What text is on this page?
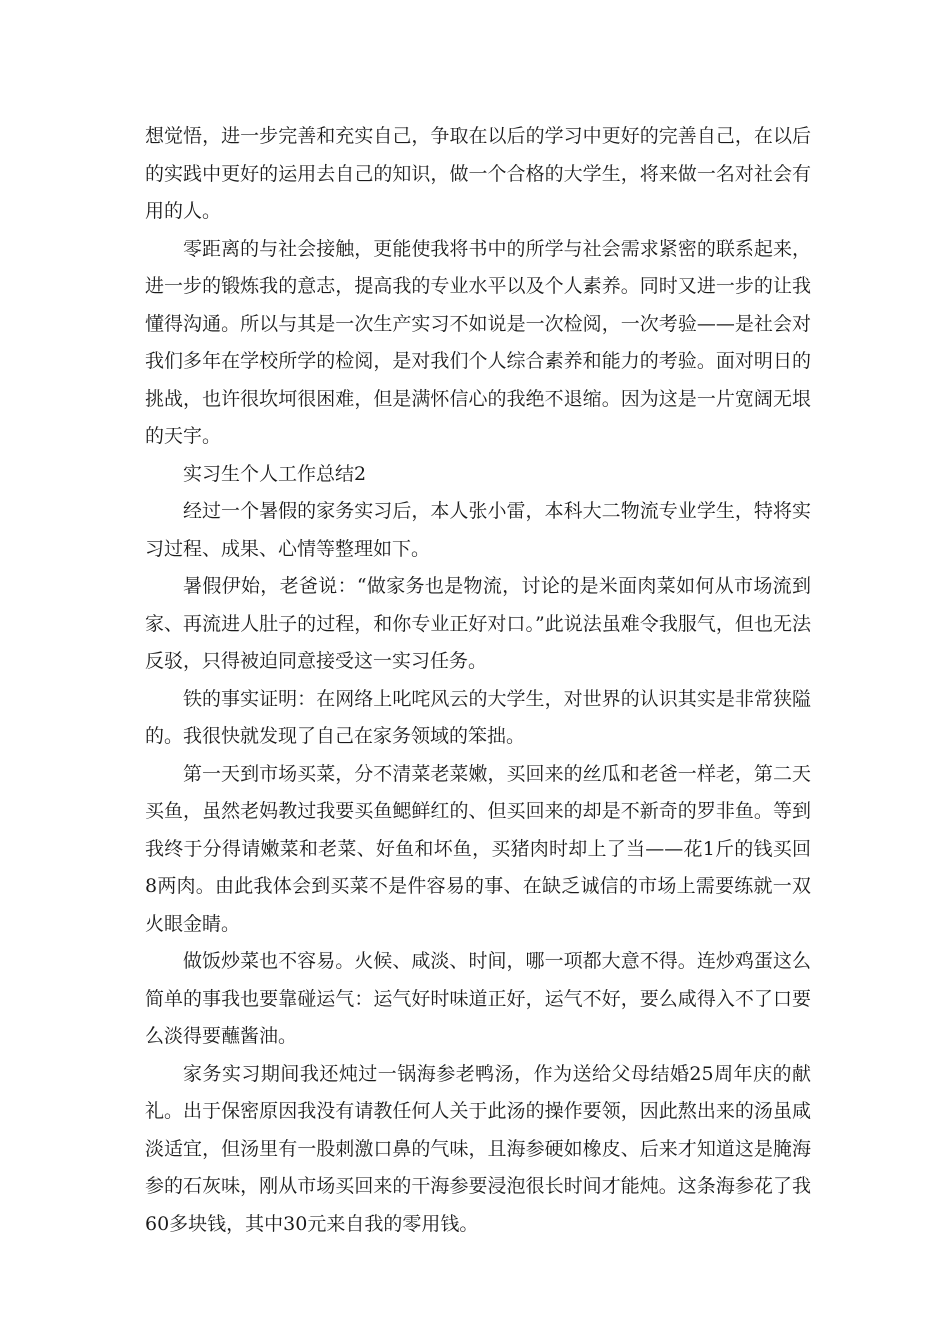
想觉悟，进一步完善和充实自己，争取在以后的学习中更好的完善自己，在以后的实践中更好的运用去自己的知识，做一个合格的大学生，将来做一名对社会有用的人。

零距离的与社会接触，更能使我将书中的所学与社会需求紧密的联系起来，进一步的锻炼我的意志，提高我的专业水平以及个人素养。同时又进一步的让我懂得沟通。所以与其是一次生产实习不如说是一次检阅，一次考验——是社会对我们多年在学校所学的检阅，是对我们个人综合素养和能力的考验。面对明日的挑战，也许很坎坷很困难，但是满怀信心的我绝不退缩。因为这是一片宽阔无垠的天宇。

实习生个人工作总结2

经过一个暑假的家务实习后，本人张小雷，本科大二物流专业学生，特将实习过程、成果、心情等整理如下。

暑假伊始，老爸说：“做家务也是物流，讨论的是米面肉菜如何从市场流到家、再流进人肚子的过程，和你专业正好对口。”此说法虽难令我服气，但也无法反驳，只得被迫同意接受这一实习任务。

铁的事实证明：在网络上叱咤风云的大学生，对世界的认识其实是非常狭隘的。我很快就发现了自己在家务领域的笨拙。

第一天到市场买菜，分不清菜老菜嫩，买回来的丝瓜和老爸一样老，第二天买鱼，虽然老妈教过我要买鱼鳃鲜红的、但买回来的却是不新奇的罗非鱼。等到我终于分得请嫩菜和老菜、好鱼和坏鱼，买猪肉时却上了当——花1斤的钱买回8两肉。由此我体会到买菜不是件容易的事、在缺乏诚信的市场上需要练就一双火眼金睛。

做饭炒菜也不容易。火候、咸淡、时间，哪一项都大意不得。连炒鸡蛋这么简单的事我也要靠碰运气：运气好时味道正好，运气不好，要么咸得入不了口要么淡得要蘸酱油。

家务实习期间我还炖过一锅海参老鸭汤，作为送给父母结婚25周年庆的献礼。出于保密原因我没有请教任何人关于此汤的操作要领，因此熬出来的汤虽咸淡适宜，但汤里有一股刺激口鼻的气味，且海参硬如橡皮、后来才知道这是腌海参的石灰味，刚从市场买回来的干海参要浸泡很长时间才能炖。这条海参花了我60多块钱，其中30元来自我的零用钱。
